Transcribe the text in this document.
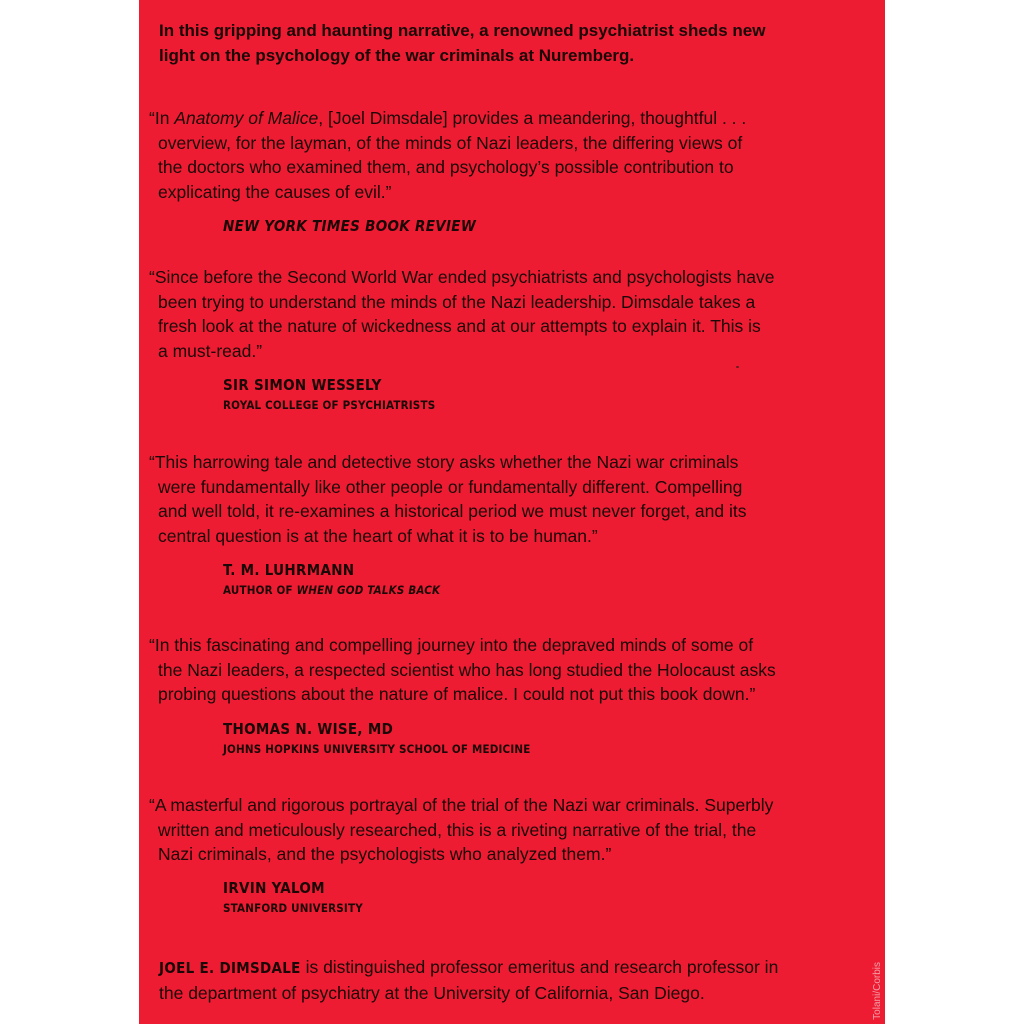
In this gripping and haunting narrative, a renowned psychiatrist sheds new
light on the psychology of the war criminals at Nuremberg.

“In Anatomy of Malice, [Joel Dimsdale] provides a meandering, thoughtful . . .
overview, for the layman, of the minds of Nazi leaders, the differing views of
the doctors who examined them, and psychology’s possible contribution to
explicating the causes of evil.”

NEW YORK TIMES BOOK REVIEW

“Since before the Second World War ended psychiatrists and psychologists have
been trying to understand the minds of the Nazi leadership. Dimsdale takes a
fresh look at the nature of wickedness and at our attempts to explain it. This is
a must-read.”

SIR SIMON WESSELY
ROYAL COLLEGE OF PSYCHIATRISTS

“This harrowing tale and detective story asks whether the Nazi war criminals
were fundamentally like other people or fundamentally different. Compelling
and well told, it re-examines a historical period we must never forget, and its
central question is at the heart of what it is to be human.”

T. M. LUHRMANN
AUTHOR OF WHEN GOD TALKS BACK

“In this fascinating and compelling journey into the depraved minds of some of
the Nazi leaders, a respected scientist who has long studied the Holocaust asks
probing questions about the nature of malice. I could not put this book down.”

THOMAS N. WISE, MD
JOHNS HOPKINS UNIVERSITY SCHOOL OF MEDICINE

“A masterful and rigorous portrayal of the trial of the Nazi war criminals. Superbly
written and meticulously researched, this is a riveting narrative of the trial, the
Nazi criminals, and the psychologists who analyzed them.”

IRVIN YALOM
STANFORD UNIVERSITY

JOEL E. DIMSDALE is distinguished professor emeritus and research professor in
the department of psychiatry at the University of California, San Diego.	Tolani/Corbis
